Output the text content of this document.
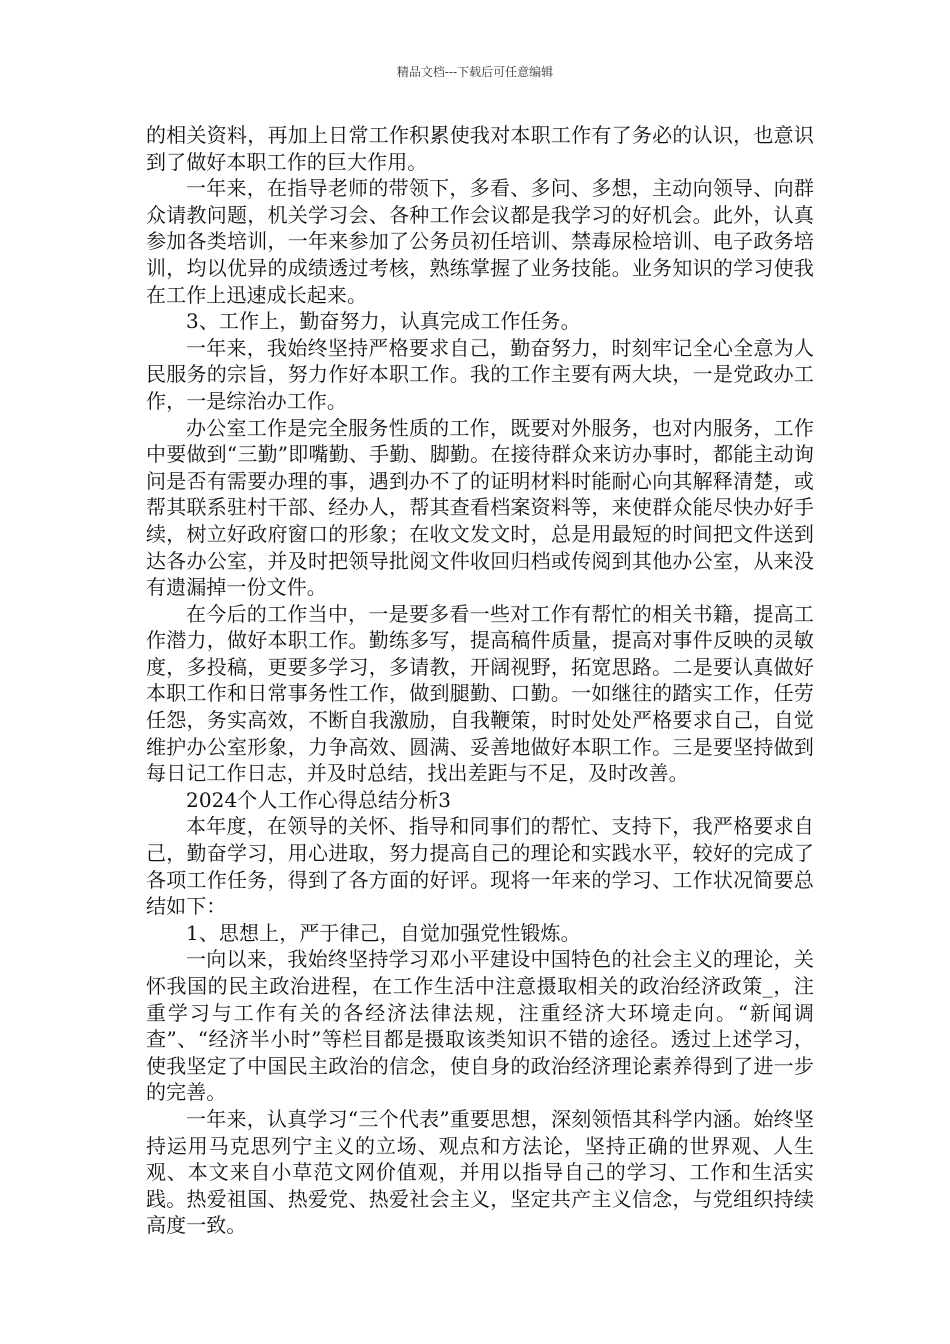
精品文档---下载后可任意编辑

的相关资料，再加上日常工作积累使我对本职工作有了务必的认识，也意识到了做好本职工作的巨大作用。

一年来，在指导老师的带领下，多看、多问、多想，主动向领导、向群众请教问题，机关学习会、各种工作会议都是我学习的好机会。此外，认真参加各类培训，一年来参加了公务员初任培训、禁毒尿检培训、电子政务培训，均以优异的成绩透过考核，熟练掌握了业务技能。业务知识的学习使我在工作上迅速成长起来。

3、工作上，勤奋努力，认真完成工作任务。

一年来，我始终坚持严格要求自己，勤奋努力，时刻牢记全心全意为人民服务的宗旨，努力作好本职工作。我的工作主要有两大块，一是党政办工作，一是综治办工作。

办公室工作是完全服务性质的工作，既要对外服务，也对内服务，工作中要做到“三勤”即嘴勤、手勤、脚勤。在接待群众来访办事时，都能主动询问是否有需要办理的事，遇到办不了的证明材料时能耐心向其解释清楚，或帮其联系驻村干部、经办人，帮其查看档案资料等，来使群众能尽快办好手续，树立好政府窗口的形象；在收文发文时，总是用最短的时间把文件送到达各办公室，并及时把领导批阅文件收回归档或传阅到其他办公室，从来没有遗漏掉一份文件。

在今后的工作当中，一是要多看一些对工作有帮忙的相关书籍，提高工作潜力，做好本职工作。勤练多写，提高稿件质量，提高对事件反映的灵敏度，多投稿，更要多学习，多请教，开阔视野，拓宽思路。二是要认真做好本职工作和日常事务性工作，做到腿勤、口勤。一如继往的踏实工作，任劳任怨，务实高效，不断自我激励，自我鞭策，时时处处严格要求自己，自觉维护办公室形象，力争高效、圆满、妥善地做好本职工作。三是要坚持做到每日记工作日志，并及时总结，找出差距与不足，及时改善。

2024个人工作心得总结分析3

本年度，在领导的关怀、指导和同事们的帮忙、支持下，我严格要求自己，勤奋学习，用心进取，努力提高自己的理论和实践水平，较好的完成了各项工作任务，得到了各方面的好评。现将一年来的学习、工作状况简要总结如下：

1、思想上，严于律己，自觉加强党性锻炼。

一向以来，我始终坚持学习邓小平建设中国特色的社会主义的理论，关怀我国的民主政治进程，在工作生活中注意摄取相关的政治经济政策_，注重学习与工作有关的各经济法律法规，注重经济大环境走向。“新闻调查”、“经济半小时”等栏目都是摄取该类知识不错的途径。透过上述学习，使我坚定了中国民主政治的信念，使自身的政治经济理论素养得到了进一步的完善。

一年来，认真学习“三个代表”重要思想，深刻领悟其科学内涵。始终坚持运用马克思列宁主义的立场、观点和方法论，坚持正确的世界观、人生观、本文来自小草范文网价值观，并用以指导自己的学习、工作和生活实践。热爱祖国、热爱党、热爱社会主义，坚定共产主义信念，与党组织持续高度一致。
